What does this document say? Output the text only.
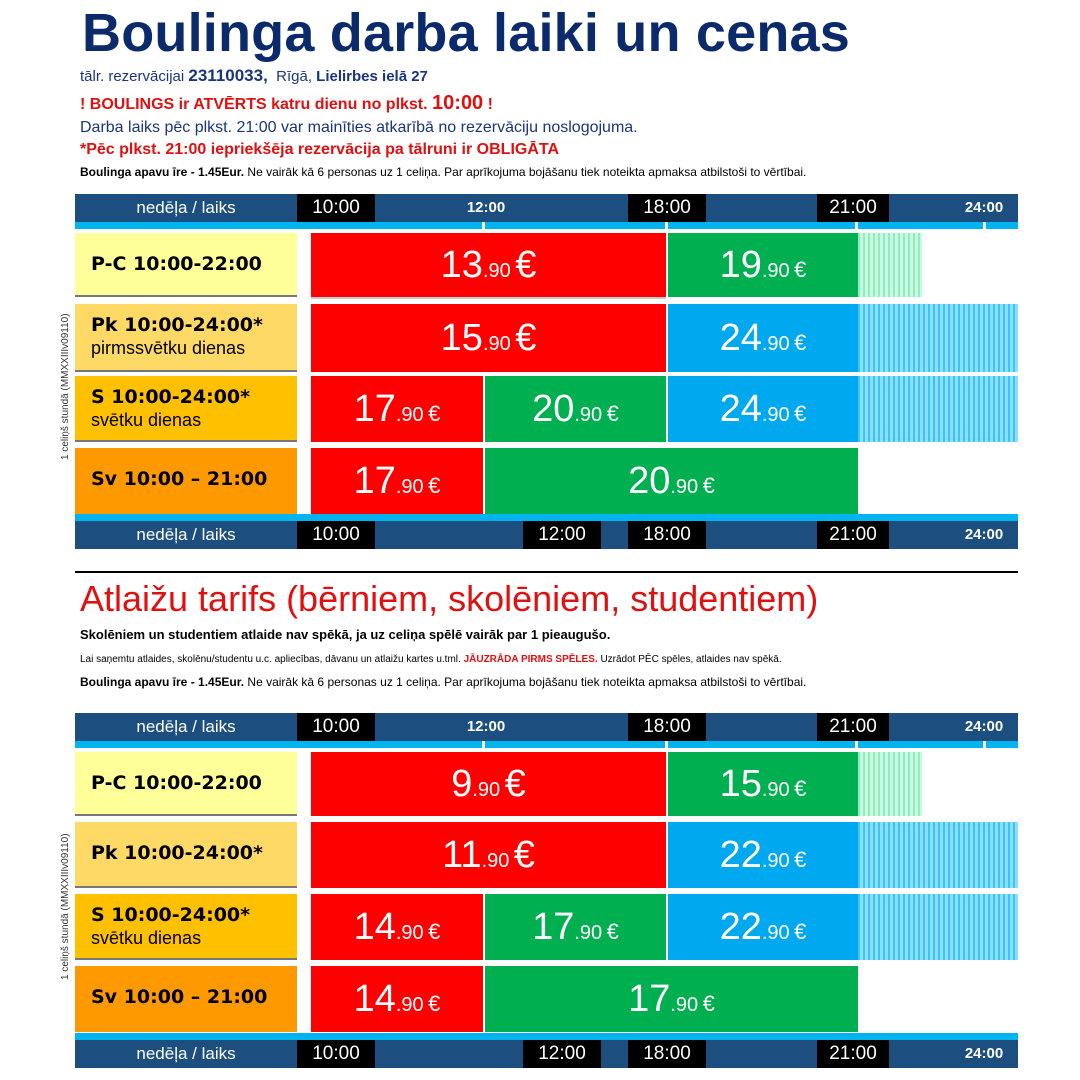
Boulinga darba laiki un cenas
tālr. rezervācijai 23110033, Rīgā, Lielirbes ielā 27
! BOULINGS ir ATVĒRTS katru dienu no plkst. 10:00 !
Darba laiks pēc plkst. 21:00 var mainīties atkarībā no rezervāciju noslogojuma.
*Pēc plkst. 21:00 iepriekšēja rezervācija pa tālruni ir OBLIGĀTA
Boulinga apavu īre - 1.45Eur. Ne vairāk kā 6 personas uz 1 celiņa. Par aprīkojuma bojāšanu tiek noteikta apmaksa atbilstoši to vērtībai.
nedēļa / laiks	10:00	12:00	18:00	21:00	24:00
1 celiņš stundā (MMXXIIIv09110)
P-C 10:00-22:00	13.90 €	19.90 €
Pk 10:00-24:00*
pirmssvētku dienas	15.90 €	24.90 €
S 10:00-24:00*
svētku dienas	17.90 €	20.90 €	24.90 €
Sv 10:00 – 21:00	17.90 €	20.90 €
nedēļa / laiks	10:00	12:00	18:00	21:00	24:00
Atlaižu tarifs (bērniem, skolēniem, studentiem)
Skolēniem un studentiem atlaide nav spēkā, ja uz celiņa spēlē vairāk par 1 pieaugušo.
Lai saņemtu atlaides, skolēnu/studentu u.c. apliecības, dāvanu un atlaižu kartes u.tml. JĀUZRĀDA PIRMS SPĒLES. Uzrādot PĒC spēles, atlaides nav spēkā.
Boulinga apavu īre - 1.45Eur. Ne vairāk kā 6 personas uz 1 celiņa. Par aprīkojuma bojāšanu tiek noteikta apmaksa atbilstoši to vērtībai.
nedēļa / laiks	10:00	12:00	18:00	21:00	24:00
1 celiņš stundā (MMXXIIIv09110)
P-C 10:00-22:00	9.90 €	15.90 €
Pk 10:00-24:00*	11.90 €	22.90 €
S 10:00-24:00*
svētku dienas	14.90 €	17.90 €	22.90 €
Sv 10:00 – 21:00	14.90 €	17.90 €
nedēļa / laiks	10:00	12:00	18:00	21:00	24:00
